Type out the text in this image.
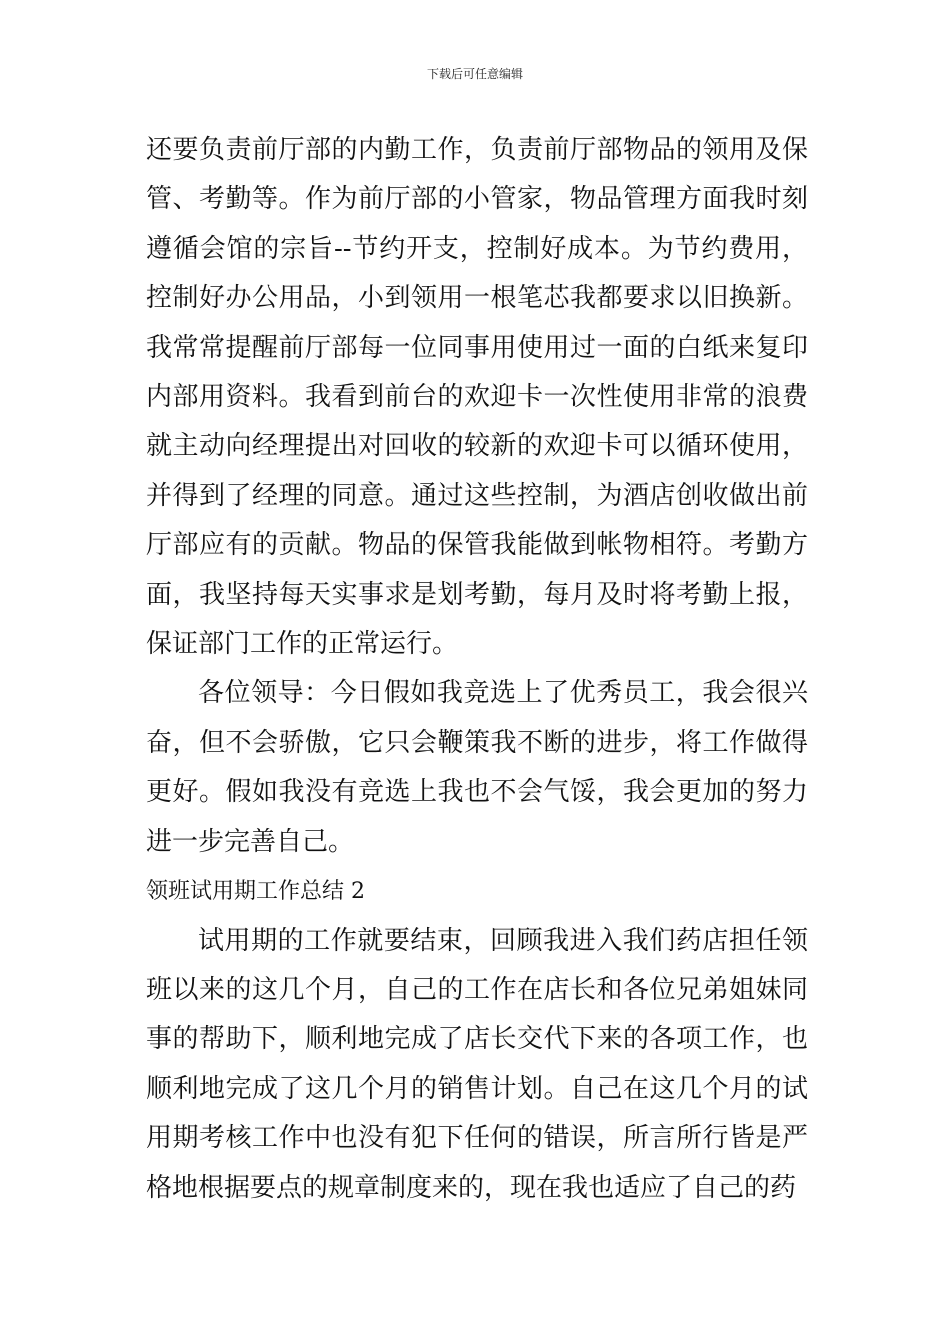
下载后可任意编辑

还要负责前厅部的内勤工作，负责前厅部物品的领用及保管、考勤等。作为前厅部的小管家，物品管理方面我时刻遵循会馆的宗旨--节约开支，控制好成本。为节约费用，控制好办公用品，小到领用一根笔芯我都要求以旧换新。我常常提醒前厅部每一位同事用使用过一面的白纸来复印内部用资料。我看到前台的欢迎卡一次性使用非常的浪费就主动向经理提出对回收的较新的欢迎卡可以循环使用，并得到了经理的同意。通过这些控制，为酒店创收做出前厅部应有的贡献。物品的保管我能做到帐物相符。考勤方面，我坚持每天实事求是划考勤，每月及时将考勤上报，保证部门工作的正常运行。

各位领导：今日假如我竞选上了优秀员工，我会很兴奋，但不会骄傲，它只会鞭策我不断的进步，将工作做得更好。假如我没有竞选上我也不会气馁，我会更加的努力进一步完善自己。

领班试用期工作总结 2

试用期的工作就要结束，回顾我进入我们药店担任领班以来的这几个月，自己的工作在店长和各位兄弟姐妹同事的帮助下，顺利地完成了店长交代下来的各项工作，也顺利地完成了这几个月的销售计划。自己在这几个月的试用期考核工作中也没有犯下任何的错误，所言所行皆是严格地根据要点的规章制度来的，现在我也适应了自己的药
